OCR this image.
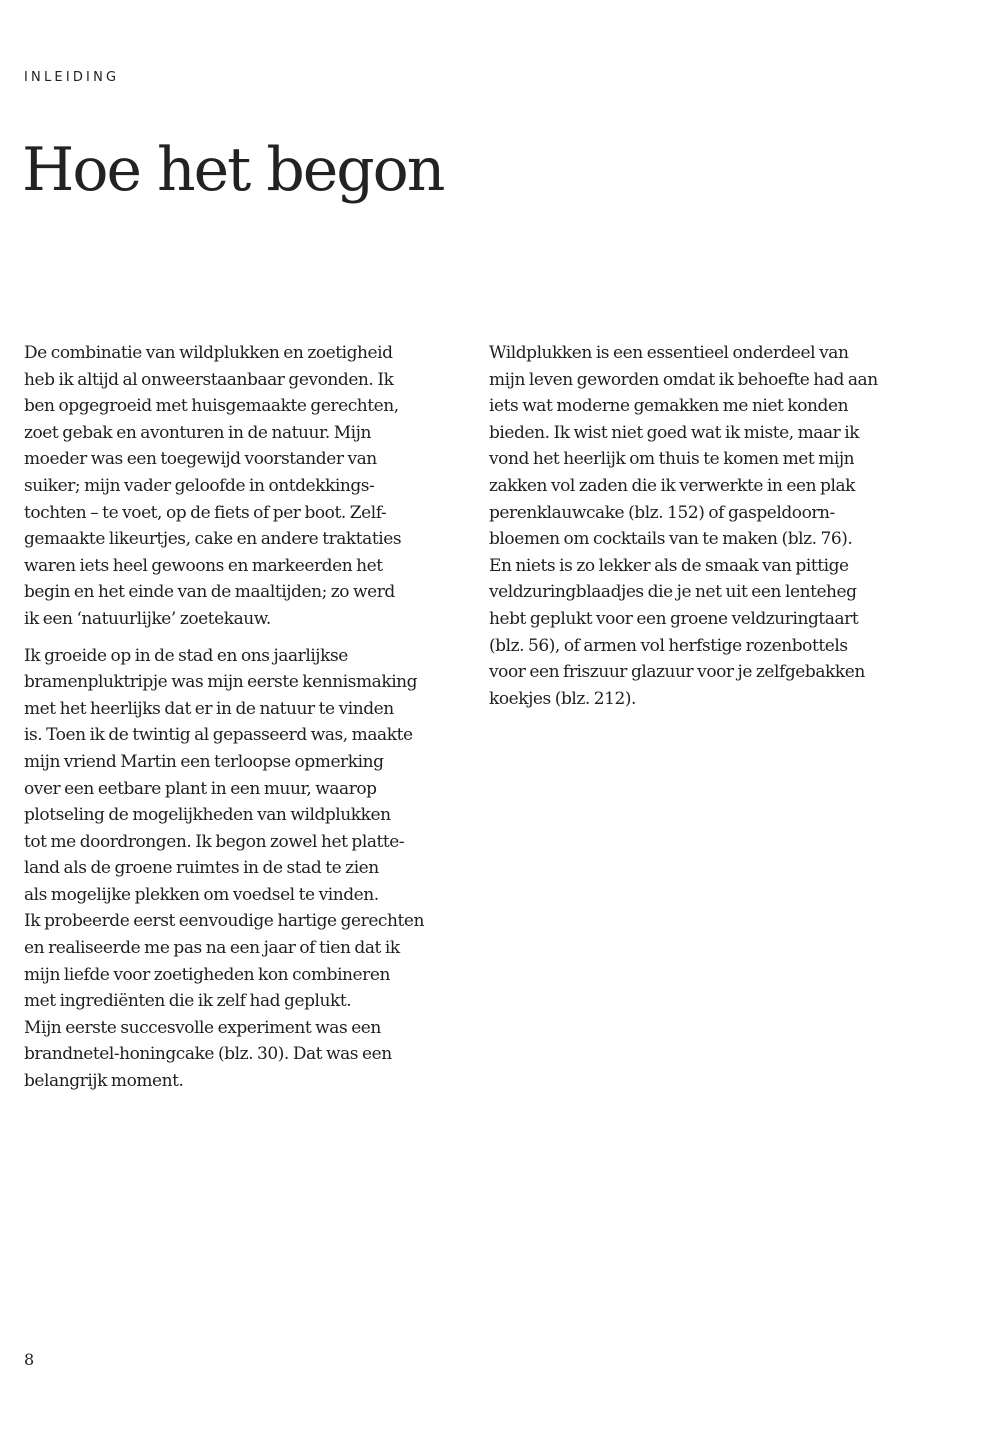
INLEIDING
Hoe het begon

De combinatie van wildplukken en zoetigheid
heb ik altijd al onweerstaanbaar gevonden. Ik
ben opgegroeid met huisgemaakte gerechten,
zoet gebak en avonturen in de natuur. Mijn
moeder was een toegewijd voorstander van
suiker; mijn vader geloofde in ontdekkings-
tochten – te voet, op de fiets of per boot. Zelf-
gemaakte likeurtjes, cake en andere traktaties
waren iets heel gewoons en markeerden het
begin en het einde van de maaltijden; zo werd
ik een ‘natuurlijke’ zoetekauw.

Ik groeide op in de stad en ons jaarlijkse
bramenpluktripje was mijn eerste kennismaking
met het heerlijks dat er in de natuur te vinden
is. Toen ik de twintig al gepasseerd was, maakte
mijn vriend Martin een terloopse opmerking
over een eetbare plant in een muur, waarop
plotseling de mogelijkheden van wildplukken
tot me doordrongen. Ik begon zowel het platte-
land als de groene ruimtes in de stad te zien
als mogelijke plekken om voedsel te vinden.
Ik probeerde eerst eenvoudige hartige gerechten
en realiseerde me pas na een jaar of tien dat ik
mijn liefde voor zoetigheden kon combineren
met ingrediënten die ik zelf had geplukt.
Mijn eerste succesvolle experiment was een
brandnetel-honingcake (blz. 30). Dat was een
belangrijk moment.

Wildplukken is een essentieel onderdeel van
mijn leven geworden omdat ik behoefte had aan
iets wat moderne gemakken me niet konden
bieden. Ik wist niet goed wat ik miste, maar ik
vond het heerlijk om thuis te komen met mijn
zakken vol zaden die ik verwerkte in een plak
perenklauwcake (blz. 152) of gaspeldoorn-
bloemen om cocktails van te maken (blz. 76).
En niets is zo lekker als de smaak van pittige
veldzuringblaadjes die je net uit een lenteheg
hebt geplukt voor een groene veldzuringtaart
(blz. 56), of armen vol herfstige rozenbottels
voor een friszuur glazuur voor je zelfgebakken
koekjes (blz. 212).

8
